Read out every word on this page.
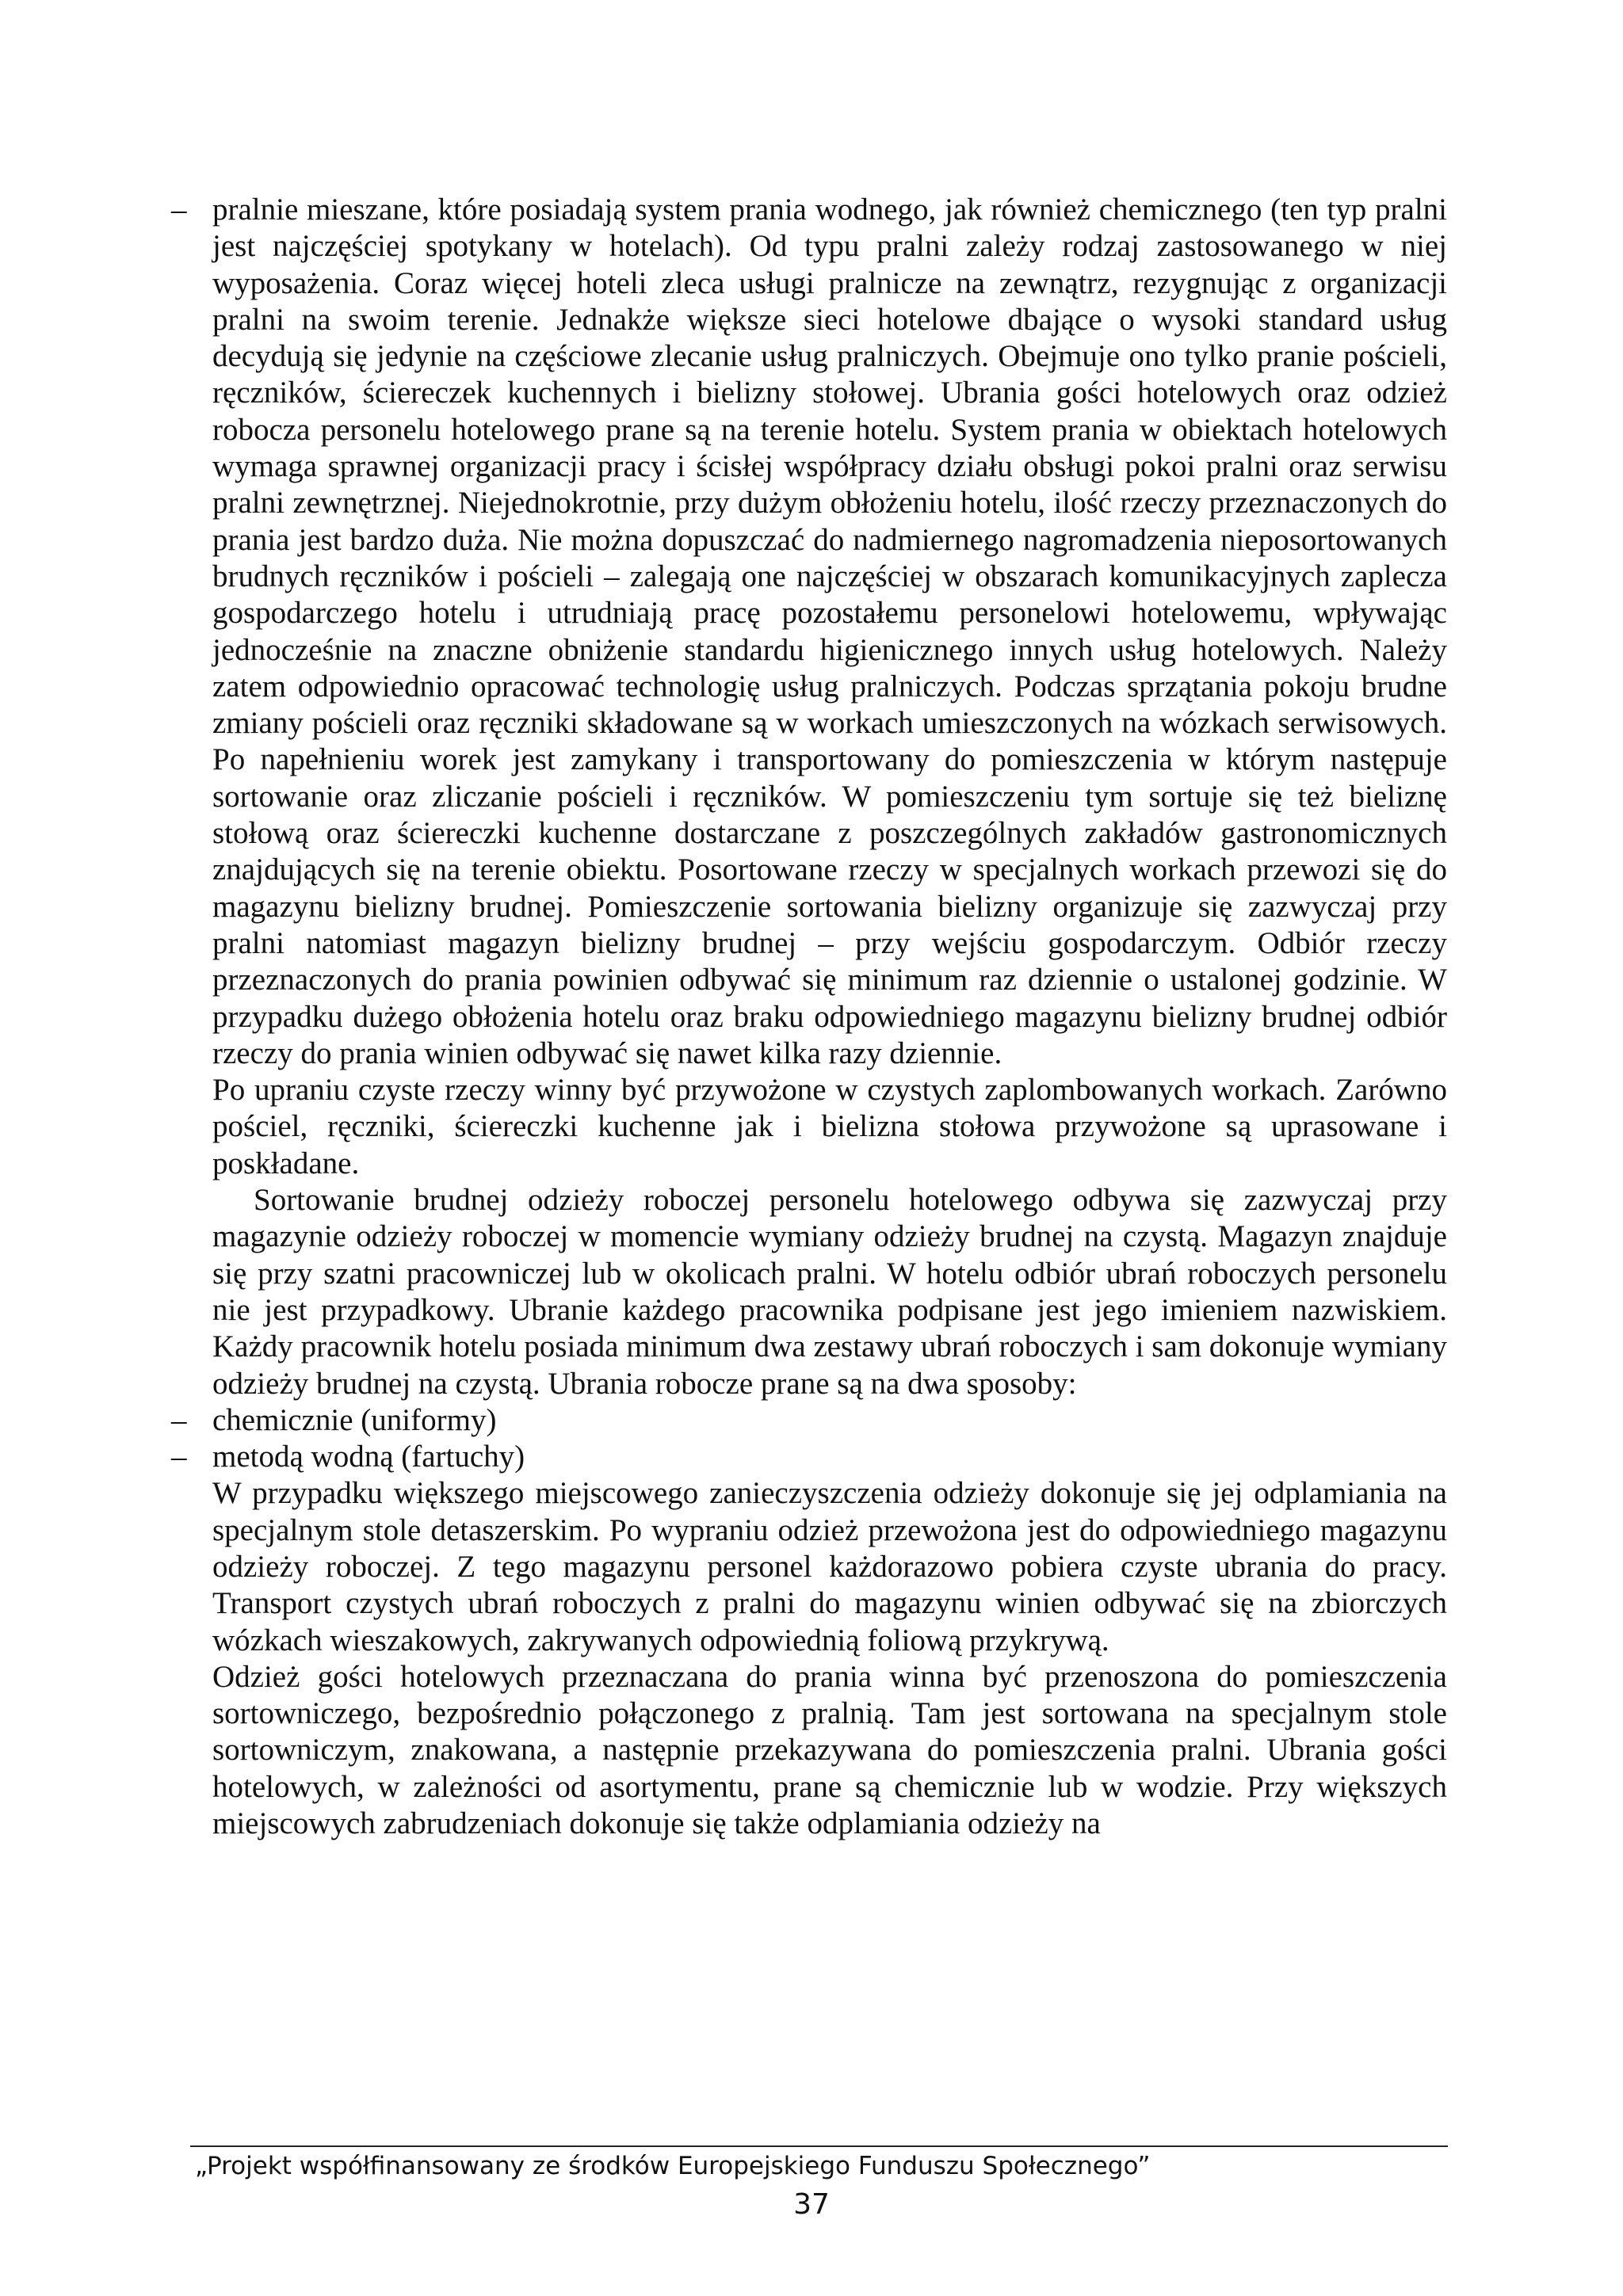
– pralnie mieszane, które posiadają system prania wodnego, jak również chemicznego (ten typ pralni jest najczęściej spotykany w hotelach). Od typu pralni zależy rodzaj zastosowanego w niej wyposażenia. Coraz więcej hoteli zleca usługi pralnicze na zewnątrz, rezygnując z organizacji pralni na swoim terenie. Jednakże większe sieci hotelowe dbające o wysoki standard usług decydują się jedynie na częściowe zlecanie usług pralniczych. Obejmuje ono tylko pranie pościeli, ręczników, ściereczek kuchennych i bielizny stołowej. Ubrania gości hotelowych oraz odzież robocza personelu hotelowego prane są na terenie hotelu. System prania w obiektach hotelowych wymaga sprawnej organizacji pracy i ścisłej współpracy działu obsługi pokoi pralni oraz serwisu pralni zewnętrznej. Niejednokrotnie, przy dużym obłożeniu hotelu, ilość rzeczy przeznaczonych do prania jest bardzo duża. Nie można dopuszczać do nadmiernego nagromadzenia nieposortowanych brudnych ręczników i pościeli – zalegają one najczęściej w obszarach komunikacyjnych zaplecza gospodarczego hotelu i utrudniają pracę pozostałemu personelowi hotelowemu, wpływając jednocześnie na znaczne obniżenie standardu higienicznego innych usług hotelowych. Należy zatem odpowiednio opracować technologię usług pralniczych. Podczas sprzątania pokoju brudne zmiany pościeli oraz ręczniki składowane są w workach umieszczonych na wózkach serwisowych. Po napełnieniu worek jest zamykany i transportowany do pomieszczenia w którym następuje sortowanie oraz zliczanie pościeli i ręczników. W pomieszczeniu tym sortuje się też bieliznę stołową oraz ściereczki kuchenne dostarczane z poszczególnych zakładów gastronomicznych znajdujących się na terenie obiektu. Posortowane rzeczy w specjalnych workach przewozi się do magazynu bielizny brudnej. Pomieszczenie sortowania bielizny organizuje się zazwyczaj przy pralni natomiast magazyn bielizny brudnej – przy wejściu gospodarczym. Odbiór rzeczy przeznaczonych do prania powinien odbywać się minimum raz dziennie o ustalonej godzinie. W przypadku dużego obłożenia hotelu oraz braku odpowiedniego magazynu bielizny brudnej odbiór rzeczy do prania winien odbywać się nawet kilka razy dziennie.

Po upraniu czyste rzeczy winny być przywożone w czystych zaplombowanych workach. Zarówno pościel, ręczniki, ściereczki kuchenne jak i bielizna stołowa przywożone są uprasowane i poskładane.

Sortowanie brudnej odzieży roboczej personelu hotelowego odbywa się zazwyczaj przy magazynie odzieży roboczej w momencie wymiany odzieży brudnej na czystą. Magazyn znajduje się przy szatni pracowniczej lub w okolicach pralni. W hotelu odbiór ubrań roboczych personelu nie jest przypadkowy. Ubranie każdego pracownika podpisane jest jego imieniem nazwiskiem. Każdy pracownik hotelu posiada minimum dwa zestawy ubrań roboczych i sam dokonuje wymiany odzieży brudnej na czystą. Ubrania robocze prane są na dwa sposoby:

– chemicznie (uniformy)
– metodą wodną (fartuchy)

W przypadku większego miejscowego zanieczyszczenia odzieży dokonuje się jej odplamiania na specjalnym stole detaszerskim. Po wypraniu odzież przewożona jest do odpowiedniego magazynu odzieży roboczej. Z tego magazynu personel każdorazowo pobiera czyste ubrania do pracy. Transport czystych ubrań roboczych z pralni do magazynu winien odbywać się na zbiorczych wózkach wieszakowych, zakrywanych odpowiednią foliową przykrywą.

Odzież gości hotelowych przeznaczana do prania winna być przenoszona do pomieszczenia sortowniczego, bezpośrednio połączonego z pralnią. Tam jest sortowana na specjalnym stole sortowniczym, znakowana, a następnie przekazywana do pomieszczenia pralni. Ubrania gości hotelowych, w zależności od asortymentu, prane są chemicznie lub w wodzie. Przy większych miejscowych zabrudzeniach dokonuje się także odplamiania odzieży na

„Projekt współfinansowany ze środków Europejskiego Funduszu Społecznego”
37
